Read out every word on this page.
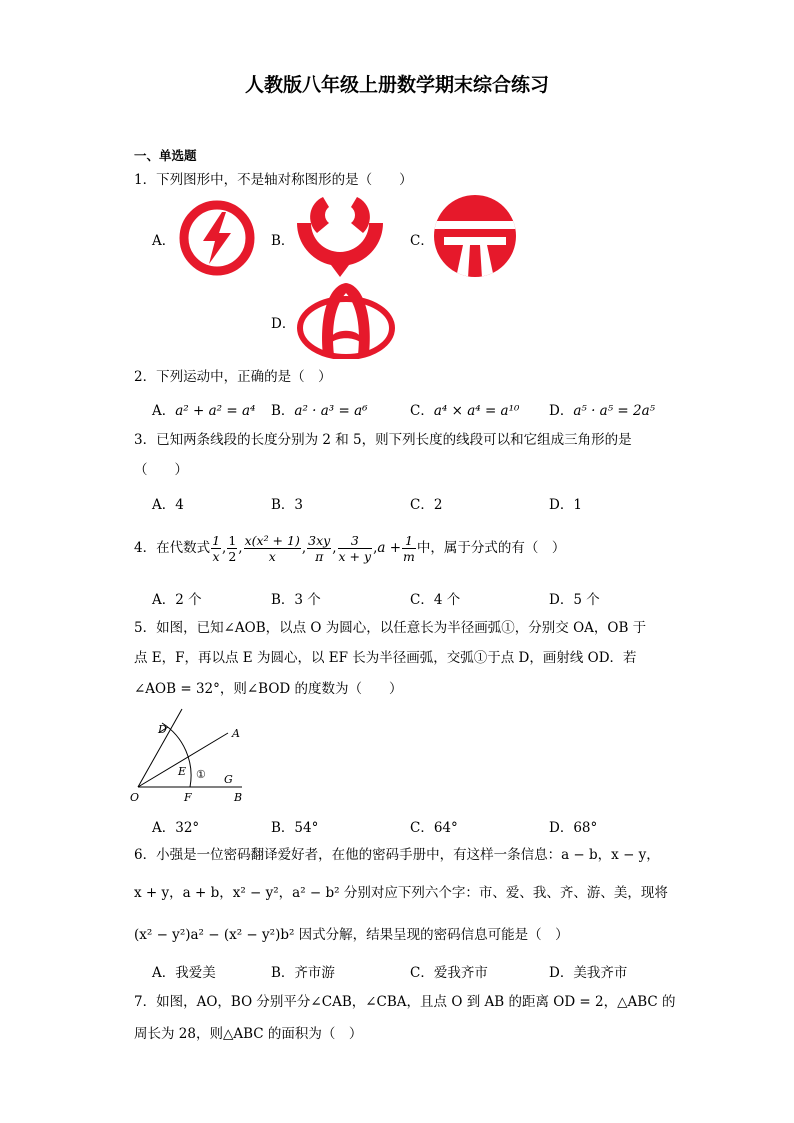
人教版八年级上册数学期末综合练习
一、单选题
1．下列图形中，不是轴对称图形的是（　　）
A．	B．	C．
D．
2．下列运动中，正确的是（　）
A．a² + a² = a⁴ B．a² · a³ = a⁶	C．a⁴ × a⁴ = a¹⁰ D．a⁵ · a⁵ = 2a⁵
3．已知两条线段的长度分别为 2 和 5，则下列长度的线段可以和它组成三角形的是
（　　）
A．4	B．3	C．2	D．1
4．在代数式 $\frac{1}{x}$ , $\frac{1}{2}$ , $\frac{\text{x(x² + 1)}}{x}$ , $\frac{3xy}{\pi}$ , $\frac{3}{x + y} ,a + \frac{1}{m}$ 中，属于分式的有（　）
A．2 个	B．3 个	C．4 个	D．5 个
5．如图，已知∠AOB，以点 O 为圆心，以任意长为半径画弧①，分别交 OA，OB 于
点 E，F，再以点 E 为圆心，以 EF 长为半径画弧，交弧①于点 D，画射线 OD．若
∠AOB = 32°，则∠BOD 的度数为（　　）
D	A
E ① G
O	F	B
A．32°	B．54°	C．64°	D．68°
6．小强是一位密码翻译爱好者，在他的密码手册中，有这样一条信息：a − b，x − y，
x + y，a + b，x² − y²，a² − b² 分别对应下列六个字：市、爱、我、齐、游、美，现将
(x² − y²)a² − (x² − y²)b² 因式分解，结果呈现的密码信息可能是（　）
A．我爱美	B．齐市游	C．爱我齐市	D．美我齐市
7．如图，AO，BO 分别平分∠CAB，∠CBA，且点 O 到 AB 的距离 OD = 2，△ABC 的
周长为 28，则△ABC 的面积为（　）
